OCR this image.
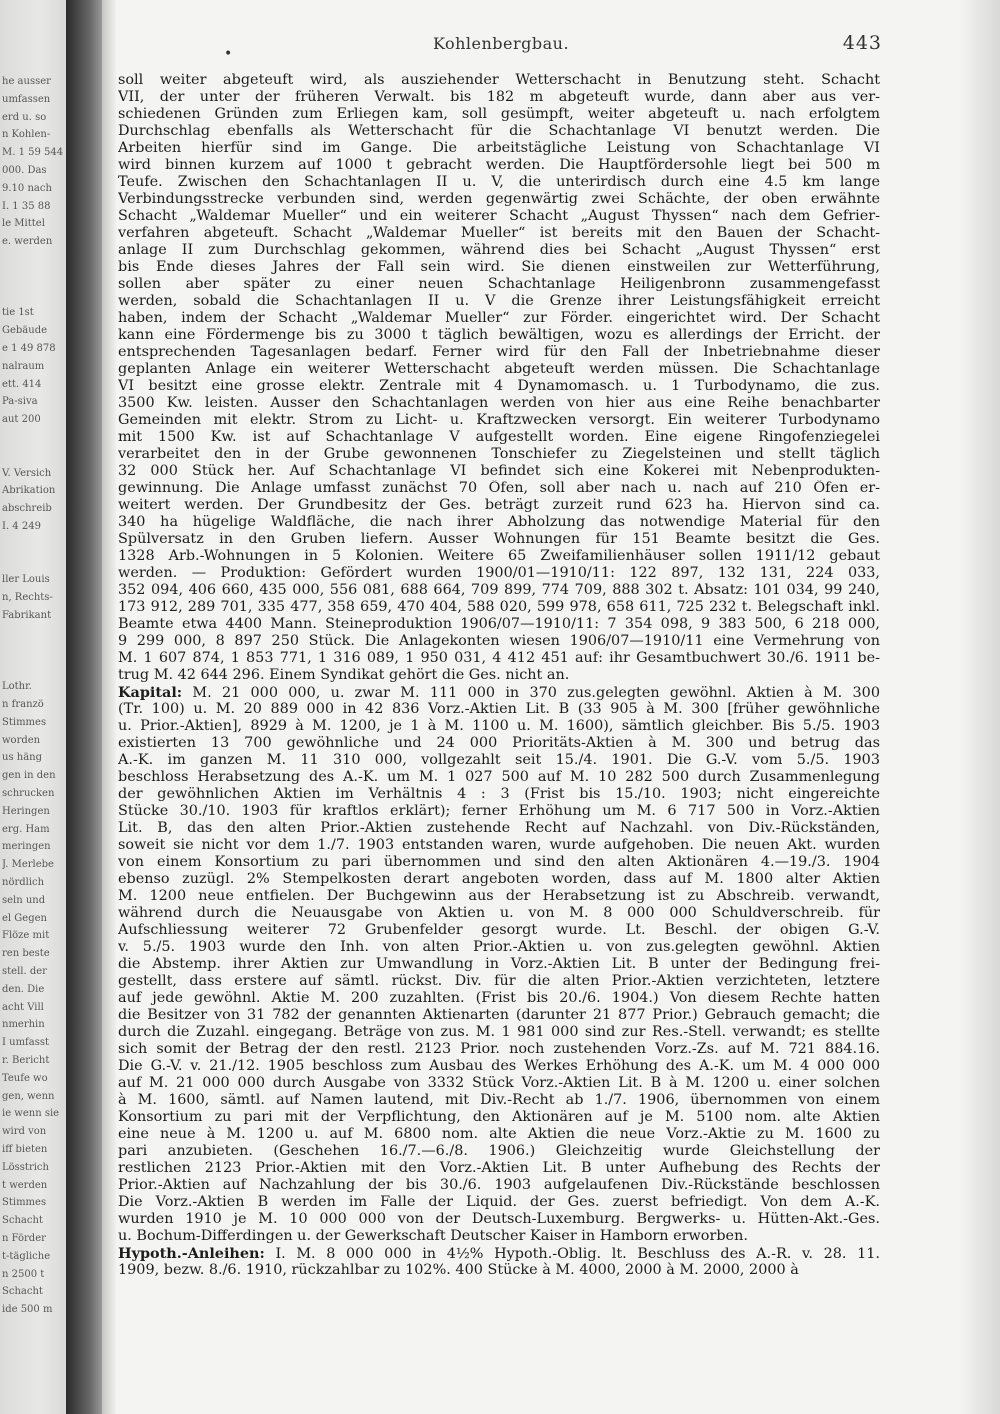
he ausser
umfassen
erd u. so
n Kohlen-
M. 1 59 544
000. Das
9.10 nach
I. 1 35 88
le Mittel
e. werden
tie 1st
Gebäude
e 1 49 878
nalraum
ett. 414
Pa-siva
aut 200
V. Versich
Abrikation
abschreib
I. 4 249
ller Louis
n, Rechts-
Fabrikant
Lothr.
n franzö
Stimmes
worden
us häng
gen in den
schrucken
Heringen
erg. Ham
meringen
J. Merlebe
nördlich
seln und
el Gegen
Flöze mit
ren beste
stell. der
den. Die
acht Vill
nmerhin
I umfasst
r. Bericht
Teufe wo
gen, wenn
ie wenn sie
wird von
iff bieten
Lösstrich
t werden
Stimmes
Schacht
n Förder
t-tägliche
n 2500 t
Schacht
ide 500 m
•
Kohlenbergbau.	443
soll weiter abgeteuft wird, als ausziehender Wetterschacht in Benutzung steht. Schacht
VII, der unter der früheren Verwalt. bis 182 m abgeteuft wurde, dann aber aus ver-
schiedenen Gründen zum Erliegen kam, soll gesümpft, weiter abgeteuft u. nach erfolgtem
Durchschlag ebenfalls als Wetterschacht für die Schachtanlage VI benutzt werden. Die
Arbeiten hierfür sind im Gange. Die arbeitstägliche Leistung von Schachtanlage VI
wird binnen kurzem auf 1000 t gebracht werden. Die Hauptfördersohle liegt bei 500 m
Teufe. Zwischen den Schachtanlagen II u. V, die unterirdisch durch eine 4.5 km lange
Verbindungsstrecke verbunden sind, werden gegenwärtig zwei Schächte, der oben erwähnte
Schacht „Waldemar Mueller“ und ein weiterer Schacht „August Thyssen“ nach dem Gefrier-
verfahren abgeteuft. Schacht „Waldemar Mueller“ ist bereits mit den Bauen der Schacht-
anlage II zum Durchschlag gekommen, während dies bei Schacht „August Thyssen“ erst
bis Ende dieses Jahres der Fall sein wird. Sie dienen einstweilen zur Wetterführung,
sollen aber später zu einer neuen Schachtanlage Heiligenbronn zusammengefasst
werden, sobald die Schachtanlagen II u. V die Grenze ihrer Leistungsfähigkeit erreicht
haben, indem der Schacht „Waldemar Mueller“ zur Förder. eingerichtet wird. Der Schacht
kann eine Fördermenge bis zu 3000 t täglich bewältigen, wozu es allerdings der Erricht. der
entsprechenden Tagesanlagen bedarf. Ferner wird für den Fall der Inbetriebnahme dieser
geplanten Anlage ein weiterer Wetterschacht abgeteuft werden müssen. Die Schachtanlage
VI besitzt eine grosse elektr. Zentrale mit 4 Dynamomasch. u. 1 Turbodynamo, die zus.
3500 Kw. leisten. Ausser den Schachtanlagen werden von hier aus eine Reihe benachbarter
Gemeinden mit elektr. Strom zu Licht- u. Kraftzwecken versorgt. Ein weiterer Turbodynamo
mit 1500 Kw. ist auf Schachtanlage V aufgestellt worden. Eine eigene Ringofenziegelei
verarbeitet den in der Grube gewonnenen Tonschiefer zu Ziegelsteinen und stellt täglich
32 000 Stück her. Auf Schachtanlage VI befindet sich eine Kokerei mit Nebenprodukten-
gewinnung. Die Anlage umfasst zunächst 70 Öfen, soll aber nach u. nach auf 210 Öfen er-
weitert werden. Der Grundbesitz der Ges. beträgt zurzeit rund 623 ha. Hiervon sind ca.
340 ha hügelige Waldfläche, die nach ihrer Abholzung das notwendige Material für den
Spülversatz in den Gruben liefern. Ausser Wohnungen für 151 Beamte besitzt die Ges.
1328 Arb.-Wohnungen in 5 Kolonien. Weitere 65 Zweifamilienhäuser sollen 1911/12 gebaut
werden. — Produktion: Gefördert wurden 1900/01—1910/11: 122 897, 132 131, 224 033,
352 094, 406 660, 435 000, 556 081, 688 664, 709 899, 774 709, 888 302 t. Absatz: 101 034, 99 240,
173 912, 289 701, 335 477, 358 659, 470 404, 588 020, 599 978, 658 611, 725 232 t. Belegschaft inkl.
Beamte etwa 4400 Mann. Steineproduktion 1906/07—1910/11: 7 354 098, 9 383 500, 6 218 000,
9 299 000, 8 897 250 Stück. Die Anlagekonten wiesen 1906/07—1910/11 eine Vermehrung von
M. 1 607 874, 1 853 771, 1 316 089, 1 950 031, 4 412 451 auf: ihr Gesamtbuchwert 30./6. 1911 be-
trug M. 42 644 296. Einem Syndikat gehört die Ges. nicht an.
Kapital: M. 21 000 000, u. zwar M. 111 000 in 370 zus.gelegten gewöhnl. Aktien à M. 300
(Tr. 100) u. M. 20 889 000 in 42 836 Vorz.-Aktien Lit. B (33 905 à M. 300 [früher gewöhnliche
u. Prior.-Aktien], 8929 à M. 1200, je 1 à M. 1100 u. M. 1600), sämtlich gleichber. Bis 5./5. 1903
existierten 13 700 gewöhnliche und 24 000 Prioritäts-Aktien à M. 300 und betrug das
A.-K. im ganzen M. 11 310 000, vollgezahlt seit 15./4. 1901. Die G.-V. vom 5./5. 1903
beschloss Herabsetzung des A.-K. um M. 1 027 500 auf M. 10 282 500 durch Zusammenlegung
der gewöhnlichen Aktien im Verhältnis 4 : 3 (Frist bis 15./10. 1903; nicht eingereichte
Stücke 30./10. 1903 für kraftlos erklärt); ferner Erhöhung um M. 6 717 500 in Vorz.-Aktien
Lit. B, das den alten Prior.-Aktien zustehende Recht auf Nachzahl. von Div.-Rückständen,
soweit sie nicht vor dem 1./7. 1903 entstanden waren, wurde aufgehoben. Die neuen Akt. wurden
von einem Konsortium zu pari übernommen und sind den alten Aktionären 4.—19./3. 1904
ebenso zuzügl. 2% Stempelkosten derart angeboten worden, dass auf M. 1800 alter Aktien
M. 1200 neue entfielen. Der Buchgewinn aus der Herabsetzung ist zu Abschreib. verwandt,
während durch die Neuausgabe von Aktien u. von M. 8 000 000 Schuldverschreib. für
Aufschliessung weiterer 72 Grubenfelder gesorgt wurde. Lt. Beschl. der obigen G.-V.
v. 5./5. 1903 wurde den Inh. von alten Prior.-Aktien u. von zus.gelegten gewöhnl. Aktien
die Abstemp. ihrer Aktien zur Umwandlung in Vorz.-Aktien Lit. B unter der Bedingung frei-
gestellt, dass erstere auf sämtl. rückst. Div. für die alten Prior.-Aktien verzichteten, letztere
auf jede gewöhnl. Aktie M. 200 zuzahlten. (Frist bis 20./6. 1904.) Von diesem Rechte hatten
die Besitzer von 31 782 der genannten Aktienarten (darunter 21 877 Prior.) Gebrauch gemacht; die
durch die Zuzahl. eingegang. Beträge von zus. M. 1 981 000 sind zur Res.-Stell. verwandt; es stellte
sich somit der Betrag der den restl. 2123 Prior. noch zustehenden Vorz.-Zs. auf M. 721 884.16.
Die G.-V. v. 21./12. 1905 beschloss zum Ausbau des Werkes Erhöhung des A.-K. um M. 4 000 000
auf M. 21 000 000 durch Ausgabe von 3332 Stück Vorz.-Aktien Lit. B à M. 1200 u. einer solchen
à M. 1600, sämtl. auf Namen lautend, mit Div.-Recht ab 1./7. 1906, übernommen von einem
Konsortium zu pari mit der Verpflichtung, den Aktionären auf je M. 5100 nom. alte Aktien
eine neue à M. 1200 u. auf M. 6800 nom. alte Aktien die neue Vorz.-Aktie zu M. 1600 zu
pari anzubieten. (Geschehen 16./7.—6./8. 1906.) Gleichzeitig wurde Gleichstellung der
restlichen 2123 Prior.-Aktien mit den Vorz.-Aktien Lit. B unter Aufhebung des Rechts der
Prior.-Aktien auf Nachzahlung der bis 30./6. 1903 aufgelaufenen Div.-Rückstände beschlossen
Die Vorz.-Aktien B werden im Falle der Liquid. der Ges. zuerst befriedigt. Von dem A.-K.
wurden 1910 je M. 10 000 000 von der Deutsch-Luxemburg. Bergwerks- u. Hütten-Akt.-Ges.
u. Bochum-Differdingen u. der Gewerkschaft Deutscher Kaiser in Hamborn erworben.
Hypoth.-Anleihen: I. M. 8 000 000 in 4½% Hypoth.-Oblig. lt. Beschluss des A.-R. v. 28. 11.
1909, bezw. 8./6. 1910, rückzahlbar zu 102%. 400 Stücke à M. 4000, 2000 à M. 2000, 2000 à
